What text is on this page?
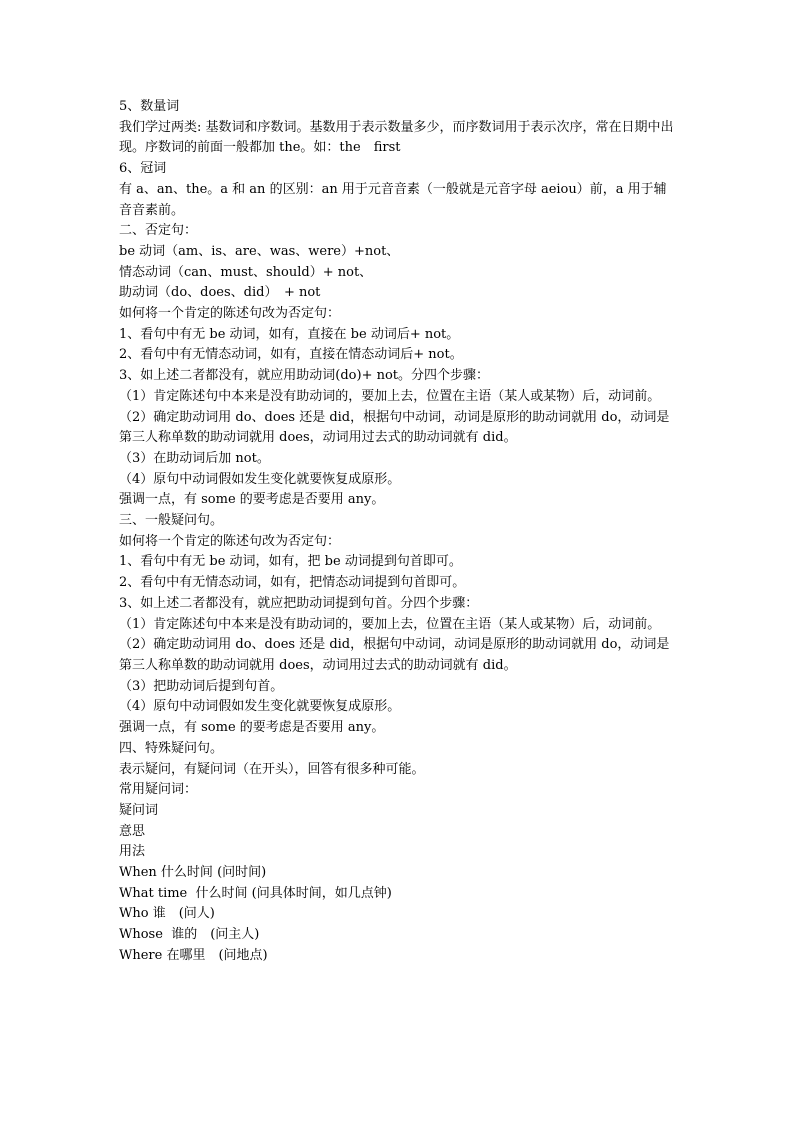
5、数量词

我们学过两类: 基数词和序数词。基数用于表示数量多少，而序数词用于表示次序，常在日期中出现。序数词的前面一般都加 the。如：the　first

6、冠词

有 a、an、the。a 和 an 的区别：an 用于元音音素（一般就是元音字母 aeiou）前，a 用于辅音音素前。

二、否定句：

be 动词（am、is、are、was、were）+not、

情态动词（can、must、should）+ not、

助动词（do、does、did）　+ not

如何将一个肯定的陈述句改为否定句：

1、看句中有无 be 动词，如有，直接在 be 动词后+ not。

2、看句中有无情态动词，如有，直接在情态动词后+ not。

3、如上述二者都没有，就应用助动词(do)+ not。分四个步骤：

（1）肯定陈述句中本来是没有助动词的，要加上去，位置在主语（某人或某物）后，动词前。

（2）确定助动词用 do、does 还是 did，根据句中动词，动词是原形的助动词就用 do，动词是第三人称单数的助动词就用 does，动词用过去式的助动词就有 did。

（3）在助动词后加 not。

（4）原句中动词假如发生变化就要恢复成原形。

强调一点，有 some 的要考虑是否要用 any。

三、一般疑问句。

如何将一个肯定的陈述句改为否定句：

1、看句中有无 be 动词，如有，把 be 动词提到句首即可。

2、看句中有无情态动词，如有，把情态动词提到句首即可。

3、如上述二者都没有，就应把助动词提到句首。分四个步骤：

（1）肯定陈述句中本来是没有助动词的，要加上去，位置在主语（某人或某物）后，动词前。

（2）确定助动词用 do、does 还是 did，根据句中动词，动词是原形的助动词就用 do，动词是第三人称单数的助动词就用 does，动词用过去式的助动词就有 did。

（3）把助动词后提到句首。

（4）原句中动词假如发生变化就要恢复成原形。

强调一点，有 some 的要考虑是否要用 any。

四、特殊疑问句。

表示疑问，有疑问词（在开头），回答有很多种可能。

常用疑问词：

疑问词

意思

用法

When 什么时间 (问时间)

What time  什么时间 (问具体时间，如几点钟)

Who 谁　(问人)

Whose  谁的　(问主人)

Where 在哪里　(问地点)
